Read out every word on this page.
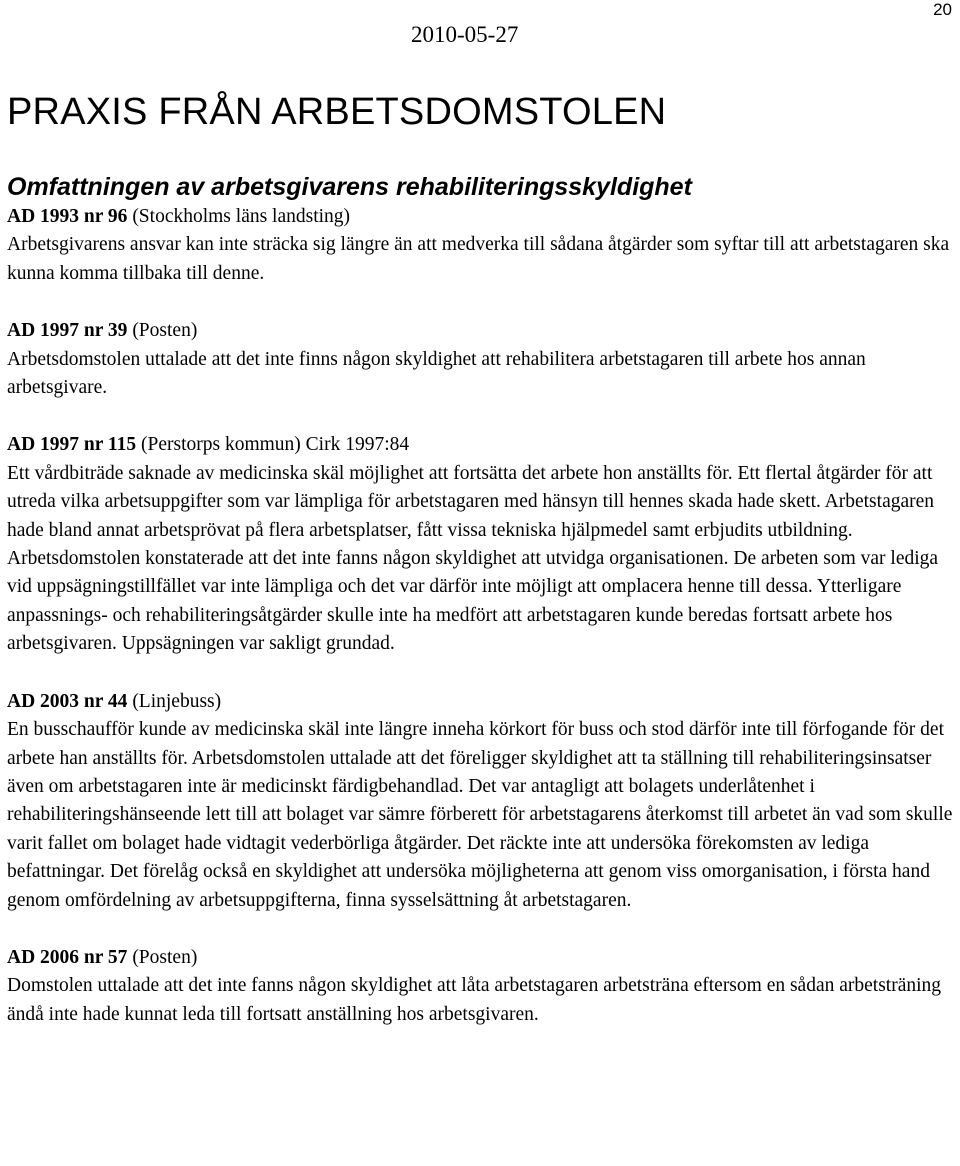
20
2010-05-27
PRAXIS FRÅN ARBETSDOMSTOLEN
Omfattningen av arbetsgivarens rehabiliteringsskyldighet
AD 1993 nr 96 (Stockholms läns landsting)
Arbetsgivarens ansvar kan inte sträcka sig längre än att medverka till sådana åtgärder som syftar till att arbetstagaren ska kunna komma tillbaka till denne.
AD 1997 nr 39 (Posten)
Arbetsdomstolen uttalade att det inte finns någon skyldighet att rehabilitera arbetstagaren till arbete hos annan arbetsgivare.
AD 1997 nr 115 (Perstorps kommun) Cirk 1997:84
Ett vårdbiträde saknade av medicinska skäl möjlighet att fortsätta det arbete hon anställts för. Ett flertal åtgärder för att utreda vilka arbetsuppgifter som var lämpliga för arbetstagaren med hänsyn till hennes skada hade skett. Arbetstagaren hade bland annat arbetsprövat på flera arbetsplatser, fått vissa tekniska hjälpmedel samt erbjudits utbildning. Arbetsdomstolen konstaterade att det inte fanns någon skyldighet att utvidga organisationen. De arbeten som var lediga vid uppsägningstillfället var inte lämpliga och det var därför inte möjligt att omplacera henne till dessa. Ytterligare anpassnings- och rehabiliteringsåtgärder skulle inte ha medfört att arbetstagaren kunde beredas fortsatt arbete hos arbetsgivaren. Uppsägningen var sakligt grundad.
AD 2003 nr 44 (Linjebuss)
En busschaufför kunde av medicinska skäl inte längre inneha körkort för buss och stod därför inte till förfogande för det arbete han anställts för. Arbetsdomstolen uttalade att det föreligger skyldighet att ta ställning till rehabiliteringsinsatser även om arbetstagaren inte är medicinskt färdigbehandlad. Det var antagligt att bolagets underlåtenhet i rehabiliteringshänseende lett till att bolaget var sämre förberett för arbetstagarens återkomst till arbetet än vad som skulle varit fallet om bolaget hade vidtagit vederbörliga åtgärder. Det räckte inte att undersöka förekomsten av lediga befattningar. Det förelåg också en skyldighet att undersöka möjligheterna att genom viss omorganisation, i första hand genom omfördelning av arbetsuppgifterna, finna sysselsättning åt arbetstagaren.
AD 2006 nr 57 (Posten)
Domstolen uttalade att det inte fanns någon skyldighet att låta arbetstagaren arbetsträna eftersom en sådan arbetsträning ändå inte hade kunnat leda till fortsatt anställning hos arbetsgivaren.
